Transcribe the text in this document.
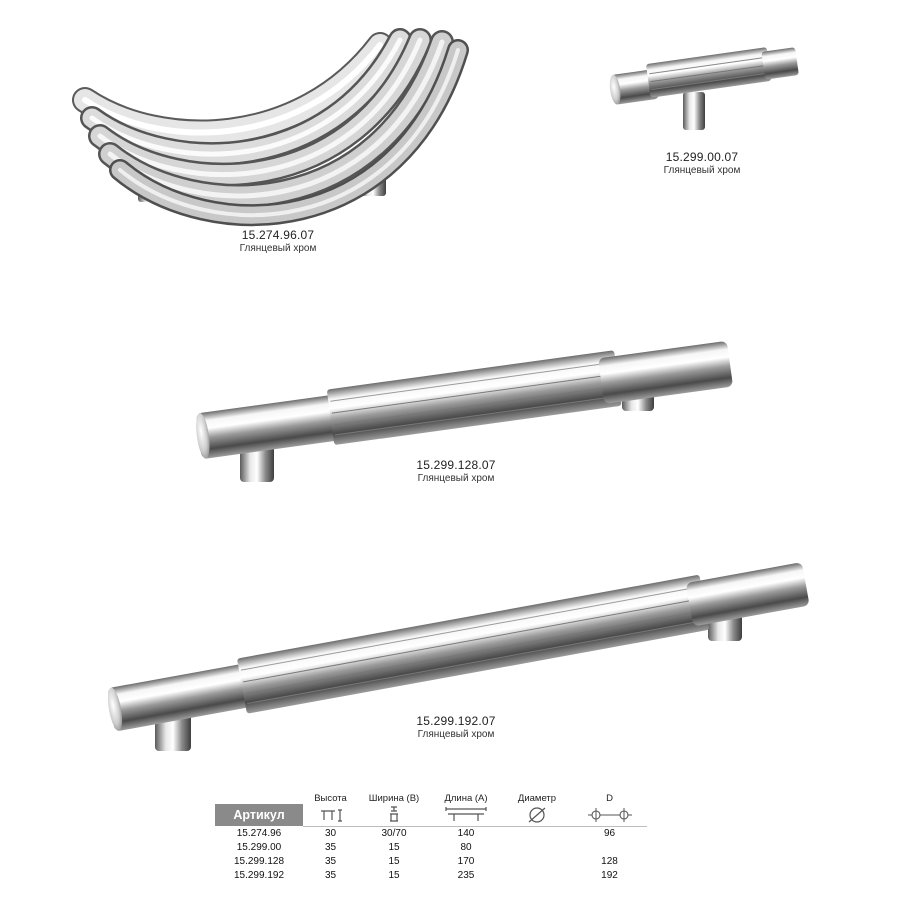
15.274.96.07
Глянцевый хром
15.299.00.07
Глянцевый хром
15.299.128.07
Глянцевый хром
15.299.192.07
Глянцевый хром
	Высота	Ширина (B)	Длина (A)	Диаметр	D
Артикул	

15.274.96	30	30/70	140		96
15.299.00	35	15	80		
15.299.128	35	15	170		128
15.299.192	35	15	235		192
